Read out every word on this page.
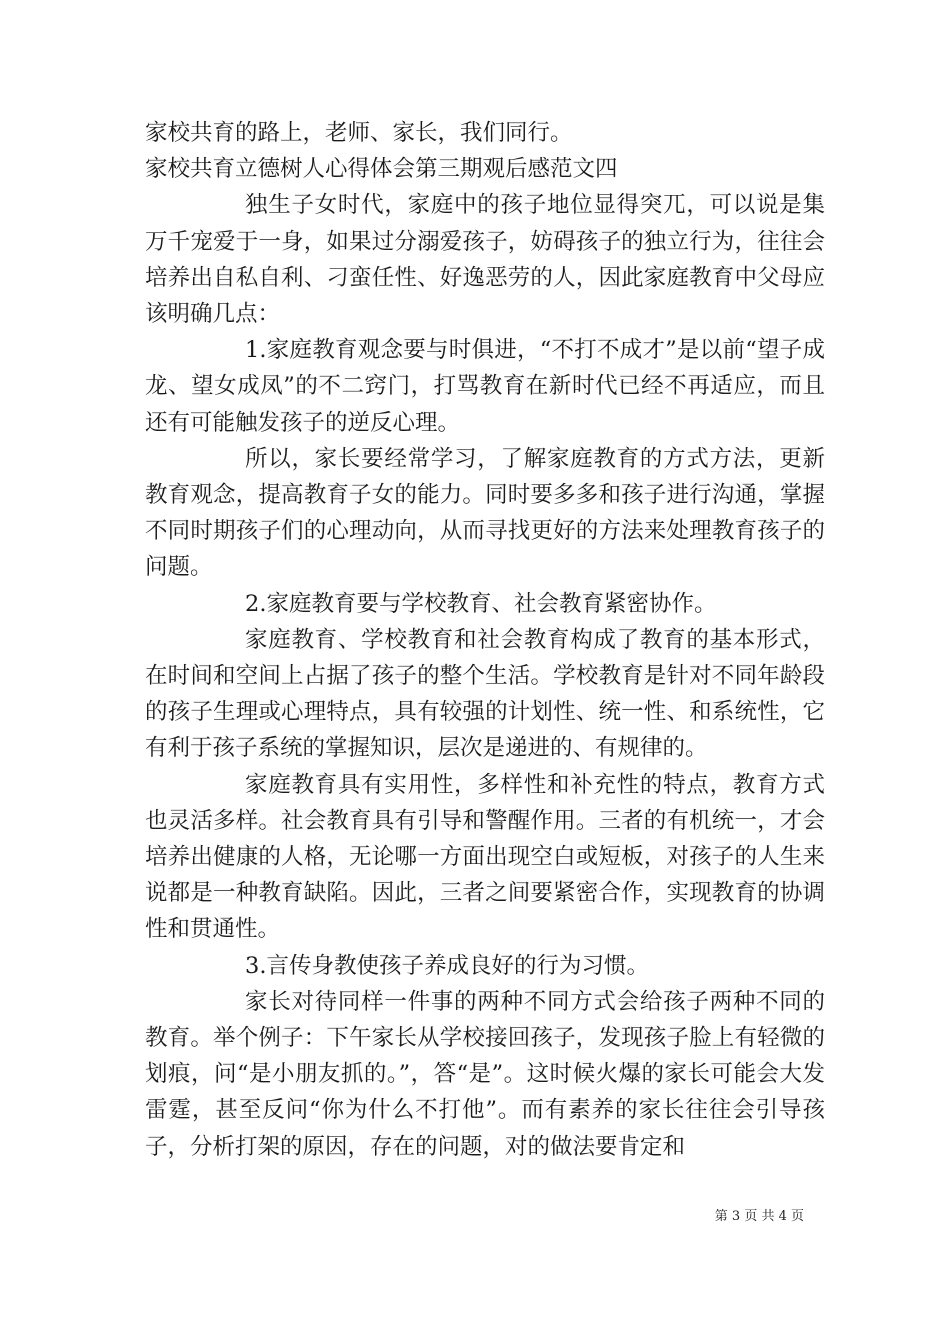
家校共育的路上，老师、家长，我们同行。

家校共育立德树人心得体会第三期观后感范文四

独生子女时代，家庭中的孩子地位显得突兀，可以说是集万千宠爱于一身，如果过分溺爱孩子，妨碍孩子的独立行为，往往会培养出自私自利、刁蛮任性、好逸恶劳的人，因此家庭教育中父母应该明确几点：

1.家庭教育观念要与时俱进，“不打不成才”是以前“望子成龙、望女成凤”的不二窍门，打骂教育在新时代已经不再适应，而且还有可能触发孩子的逆反心理。

所以，家长要经常学习，了解家庭教育的方式方法，更新教育观念，提高教育子女的能力。同时要多多和孩子进行沟通，掌握不同时期孩子们的心理动向，从而寻找更好的方法来处理教育孩子的问题。

2.家庭教育要与学校教育、社会教育紧密协作。

家庭教育、学校教育和社会教育构成了教育的基本形式，在时间和空间上占据了孩子的整个生活。学校教育是针对不同年龄段的孩子生理或心理特点，具有较强的计划性、统一性、和系统性，它有利于孩子系统的掌握知识，层次是递进的、有规律的。

家庭教育具有实用性，多样性和补充性的特点，教育方式也灵活多样。社会教育具有引导和警醒作用。三者的有机统一，才会培养出健康的人格，无论哪一方面出现空白或短板，对孩子的人生来说都是一种教育缺陷。因此，三者之间要紧密合作，实现教育的协调性和贯通性。

3.言传身教使孩子养成良好的行为习惯。

家长对待同样一件事的两种不同方式会给孩子两种不同的教育。举个例子：下午家长从学校接回孩子，发现孩子脸上有轻微的划痕，问“是小朋友抓的。”，答“是”。这时候火爆的家长可能会大发雷霆，甚至反问“你为什么不打他”。而有素养的家长往往会引导孩子，分析打架的原因，存在的问题，对的做法要肯定和

第 3 页 共 4 页
